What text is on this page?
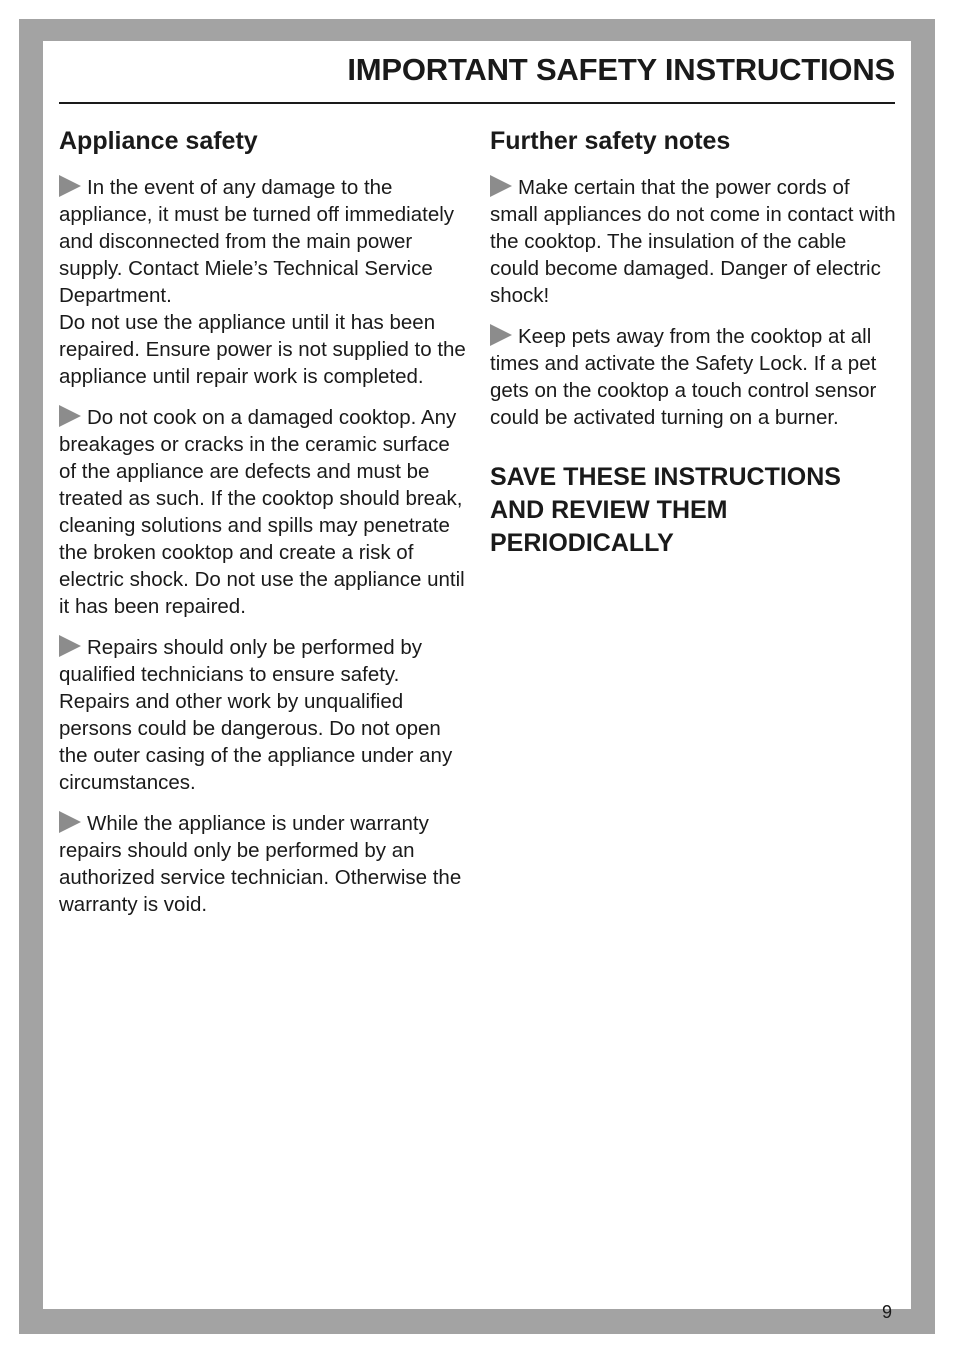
IMPORTANT SAFETY INSTRUCTIONS
Appliance safety

In the event of any damage to the appliance, it must be turned off immediately and disconnected from the main power supply. Contact Miele’s Technical Service Department.

Do not use the appliance until it has been repaired. Ensure power is not supplied to the appliance until repair work is completed.

Do not cook on a damaged cooktop. Any breakages or cracks in the ceramic surface of the appliance are defects and must be treated as such. If the cooktop should break, cleaning solutions and spills may penetrate the broken cooktop and create a risk of electric shock. Do not use the appliance until it has been repaired.

Repairs should only be performed by qualified technicians to ensure safety. Repairs and other work by unqualified persons could be dangerous. Do not open the outer casing of the appliance under any circumstances.

While the appliance is under warranty repairs should only be performed by an authorized service technician. Otherwise the warranty is void.

Further safety notes

Make certain that the power cords of small appliances do not come in contact with the cooktop. The insulation of the cable could become damaged. Danger of electric shock!

Keep pets away from the cooktop at all times and activate the Safety Lock. If a pet gets on the cooktop a touch control sensor could be activated turning on a burner.

SAVE THESE INSTRUCTIONS AND REVIEW THEM PERIODICALLY
9
